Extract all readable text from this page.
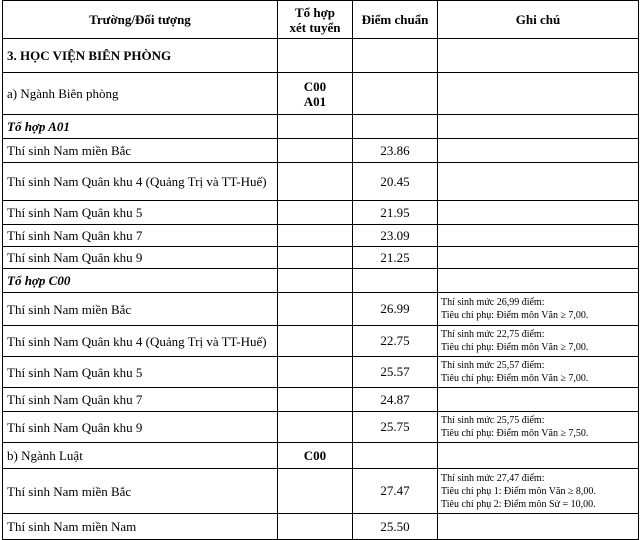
Trường/Đối tượng	Tổ hợp
xét tuyển	Điểm chuẩn	Ghi chú
3. HỌC VIỆN BIÊN PHÒNG			
a) Ngành Biên phòng	C00
A01		

Tổ hợp A01			
Thí sinh Nam miền Bắc		23.86	
Thí sinh Nam Quân khu 4 (Quảng Trị và TT-Huế)		20.45	
Thí sinh Nam Quân khu 5		21.95	
Thí sinh Nam Quân khu 7		23.09	
Thí sinh Nam Quân khu 9		21.25	
Tổ hợp C00			
Thí sinh Nam miền Bắc		26.99	Thí sinh mức 26,99 điểm:
Tiêu chí phụ: Điểm môn Văn ≥ 7,00.

Thí sinh Nam Quân khu 4 (Quảng Trị và TT-Huế)		22.75	Thí sinh mức 22,75 điểm:
Tiêu chí phụ: Điểm môn Văn ≥ 7,00.

Thí sinh Nam Quân khu 5		25.57	Thí sinh mức 25,57 điểm:
Tiêu chí phụ: Điểm môn Văn ≥ 7,00.

Thí sinh Nam Quân khu 7		24.87	
Thí sinh Nam Quân khu 9		25.75	Thí sinh mức 25,75 điểm:
Tiêu chí phụ: Điểm môn Văn ≥ 7,50.

b) Ngành Luật	C00		

Thí sinh Nam miền Bắc		27.47	Thí sinh mức 27,47 điểm:
Tiêu chí phụ 1: Điểm môn Văn ≥ 8,00.
Tiêu chí phụ 2: Điểm môn Sử = 10,00.

Thí sinh Nam miền Nam		25.50	
